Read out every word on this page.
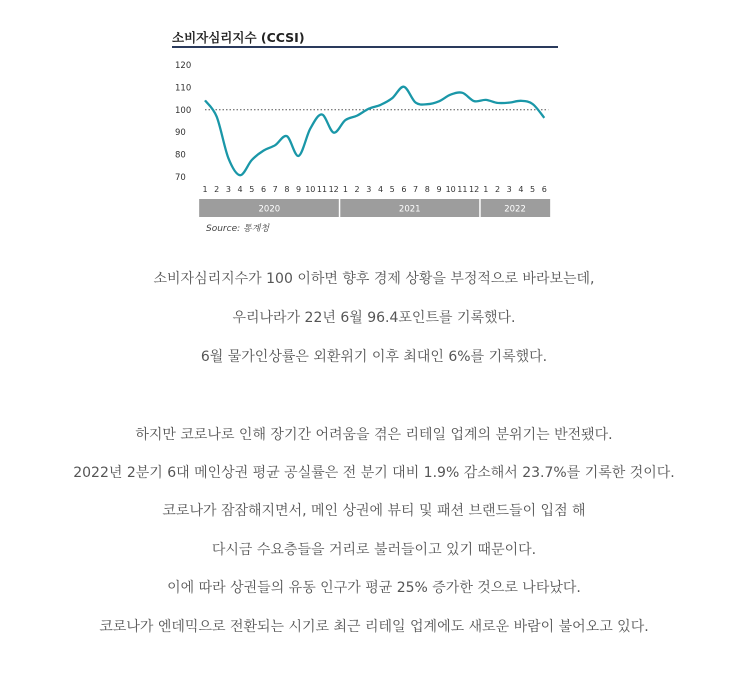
소비자심리지수 (CCSI)
70
80
90
100
110
120
1 2 3 4 5 6 7 8 9 10 11 12 1 2 3 4 5 6 7 8 9 10 11 12 1 2 3 4 5 6
2020	2021	2022
Source: 통계청
소비자심리지수가 100 이하면 향후 경제 상황을 부정적으로 바라보는데,
우리나라가 22년 6월 96.4포인트를 기록했다.
6월 물가인상률은 외환위기 이후 최대인 6%를 기록했다.
하지만 코로나로 인해 장기간 어려움을 겪은 리테일 업계의 분위기는 반전됐다.
2022년 2분기 6대 메인상권 평균 공실률은 전 분기 대비 1.9% 감소해서 23.7%를 기록한 것이다.
코로나가 잠잠해지면서, 메인 상권에 뷰티 및 패션 브랜드들이 입점 해
다시금 수요층들을 거리로 불러들이고 있기 때문이다.
이에 따라 상권들의 유동 인구가 평균 25% 증가한 것으로 나타났다.
코로나가 엔데믹으로 전환되는 시기로 최근 리테일 업계에도 새로운 바람이 불어오고 있다.
